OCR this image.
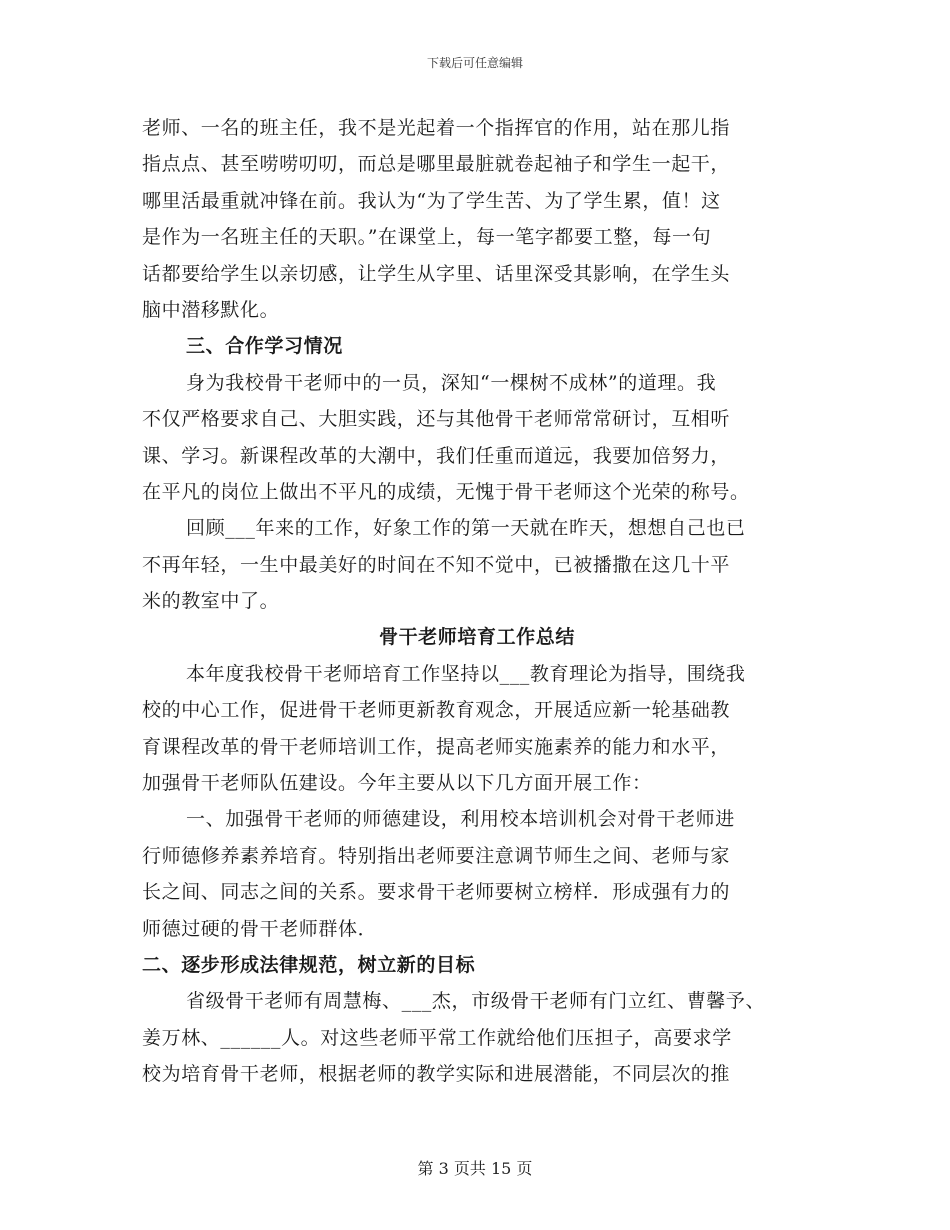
下载后可任意编辑
老师、一名的班主任，我不是光起着一个指挥官的作用，站在那儿指
指点点、甚至唠唠叨叨，而总是哪里最脏就卷起袖子和学生一起干，
哪里活最重就冲锋在前。我认为“为了学生苦、为了学生累，值！这
是作为一名班主任的天职。”在课堂上，每一笔字都要工整，每一句
话都要给学生以亲切感，让学生从字里、话里深受其影响，在学生头
脑中潜移默化。
三、合作学习情况
身为我校骨干老师中的一员，深知“一棵树不成林”的道理。我
不仅严格要求自己、大胆实践，还与其他骨干老师常常研讨，互相听
课、学习。新课程改革的大潮中，我们任重而道远，我要加倍努力，
在平凡的岗位上做出不平凡的成绩，无愧于骨干老师这个光荣的称号。
回顾___年来的工作，好象工作的第一天就在昨天，想想自己也已
不再年轻，一生中最美好的时间在不知不觉中，已被播撒在这几十平
米的教室中了。
骨干老师培育工作总结
本年度我校骨干老师培育工作坚持以___教育理论为指导，围绕我
校的中心工作，促进骨干老师更新教育观念，开展适应新一轮基础教
育课程改革的骨干老师培训工作，提高老师实施素养的能力和水平，
加强骨干老师队伍建设。今年主要从以下几方面开展工作：
一、加强骨干老师的师德建设，利用校本培训机会对骨干老师进
行师德修养素养培育。特别指出老师要注意调节师生之间、老师与家
长之间、同志之间的关系。要求骨干老师要树立榜样．形成强有力的
师德过硬的骨干老师群体．
二、逐步形成法律规范，树立新的目标
省级骨干老师有周慧梅、___杰，市级骨干老师有门立红、曹馨予、
姜万林、______人。对这些老师平常工作就给他们压担子，高要求学
校为培育骨干老师，根据老师的教学实际和进展潜能，不同层次的推
第 3 页共 15 页
